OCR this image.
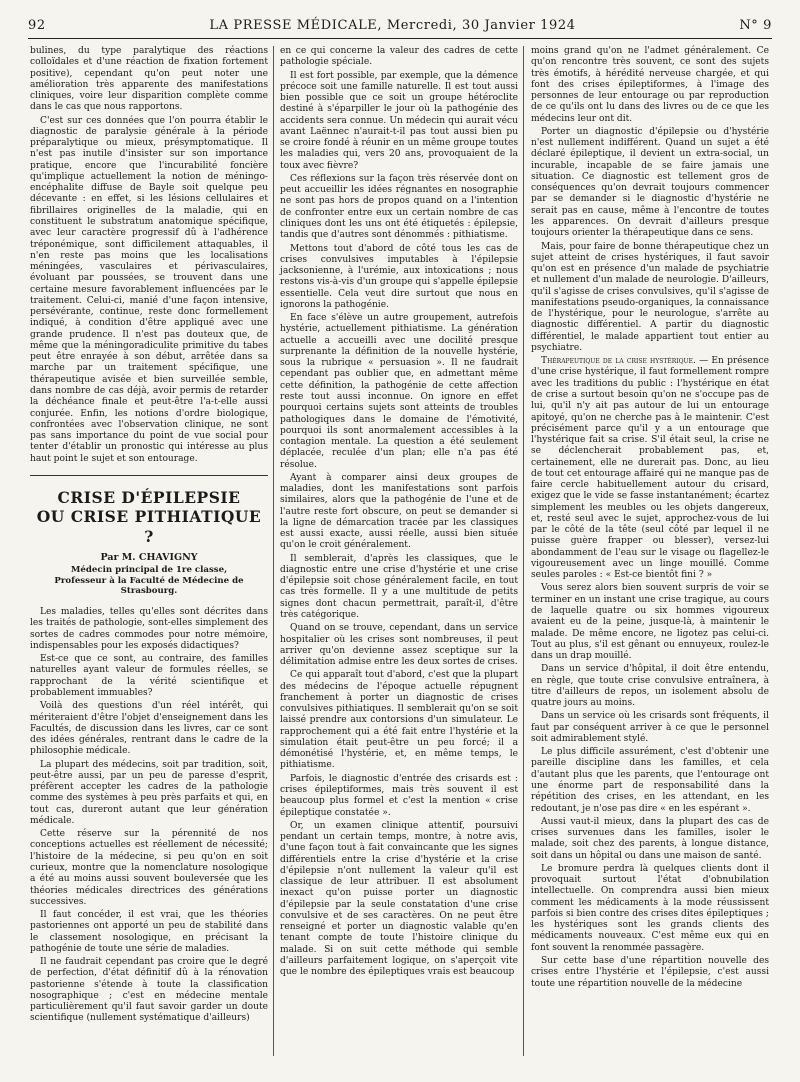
92	LA PRESSE MÉDICALE, Mercredi, 30 Janvier 1924	N° 9

bulines, du type paralytique des réactions colloïdales et d'une réaction de fixation fortement positive), cependant qu'on peut noter une amélioration très apparente des manifestations cliniques, voire leur disparition complète comme dans le cas que nous rapportons.

C'est sur ces données que l'on pourra établir le diagnostic de paralysie générale à la période préparalytique ou mieux, présymptomatique. Il n'est pas inutile d'insister sur son importance pratique, encore que l'incurabilité foncière qu'implique actuellement la notion de méningo-encéphalite diffuse de Bayle soit quelque peu décevante : en effet, si les lésions cellulaires et fibrillaires originelles de la maladie, qui en constituent le substratum anatomique spécifique, avec leur caractère progressif dû à l'adhérence tréponémique, sont difficilement attaquables, il n'en reste pas moins que les localisations méningées, vasculaires et périvasculaires, évoluant par poussées, se trouvent dans une certaine mesure favorablement influencées par le traitement. Celui-ci, manié d'une façon intensive, persévérante, continue, reste donc formellement indiqué, à condition d'être appliqué avec une grande prudence. Il n'est pas douteux que, de même que la méningoradiculite primitive du tabes peut être enrayée à son début, arrêtée dans sa marche par un traitement spécifique, une thérapeutique avisée et bien surveillée semble, dans nombre de cas déjà, avoir permis de retarder la déchéance finale et peut-être l'a-t-elle aussi conjurée. Enfin, les notions d'ordre biologique, confrontées avec l'observation clinique, ne sont pas sans importance du point de vue social pour tenter d'établir un pronostic qui intéresse au plus haut point le sujet et son entourage.

CRISE D'ÉPILEPSIE
OU CRISE PITHIATIQUE ?
Par M. CHAVIGNY
Médecin principal de 1re classe,
Professeur à la Faculté de Médecine de Strasbourg.

Les maladies, telles qu'elles sont décrites dans les traités de pathologie, sont-elles simplement des sortes de cadres commodes pour notre mémoire, indispensables pour les exposés didactiques?

Est-ce que ce sont, au contraire, des familles naturelles ayant valeur de formules réelles, se rapprochant de la vérité scientifique et probablement immuables?

Voilà des questions d'un réel intérêt, qui mériteraient d'être l'objet d'enseignement dans les Facultés, de discussion dans les livres, car ce sont des idées générales, rentrant dans le cadre de la philosophie médicale.

La plupart des médecins, soit par tradition, soit, peut-être aussi, par un peu de paresse d'esprit, préfèrent accepter les cadres de la pathologie comme des systèmes à peu près parfaits et qui, en tout cas, dureront autant que leur génération médicale.

Cette réserve sur la pérennité de nos conceptions actuelles est réellement de nécessité; l'histoire de la médecine, si peu qu'on en soit curieux, montre que la nomenclature nosologique a été au moins aussi souvent bouleversée que les théories médicales directrices des générations successives.

Il faut concéder, il est vrai, que les théories pastoriennes ont apporté un peu de stabilité dans le classement nosologique, en précisant la pathogénie de toute une série de maladies.

Il ne faudrait cependant pas croire que le degré de perfection, d'état définitif dû à la rénovation pastorienne s'étende à toute la classification nosographique ; c'est en médecine mentale particulièrement qu'il faut savoir garder un doute scientifique (nullement systématique d'ailleurs)

en ce qui concerne la valeur des cadres de cette pathologie spéciale.

Il est fort possible, par exemple, que la démence précoce soit une famille naturelle. Il est tout aussi bien possible que ce soit un groupe hétéroclite destiné à s'éparpiller le jour où la pathogénie des accidents sera connue. Un médecin qui aurait vécu avant Laënnec n'aurait-t-il pas tout aussi bien pu se croire fondé à réunir en un même groupe toutes les maladies qui, vers 20 ans, provoquaient de la toux avec fièvre?

Ces réflexions sur la façon très réservée dont on peut accueillir les idées régnantes en nosographie ne sont pas hors de propos quand on a l'intention de confronter entre eux un certain nombre de cas cliniques dont les uns ont été étiquetés : épilepsie, tandis que d'autres sont dénommés : pithiatisme.

Mettons tout d'abord de côté tous les cas de crises convulsives imputables à l'épilepsie jacksonienne, à l'urémie, aux intoxications ; nous restons vis-à-vis d'un groupe qui s'appelle épilepsie essentielle. Cela veut dire surtout que nous en ignorons la pathogénie.

En face s'élève un autre groupement, autrefois hystérie, actuellement pithiatisme. La génération actuelle a accueilli avec une docilité presque surprenante la définition de la nouvelle hystérie, sous la rubrique « persuasion ». Il ne faudrait cependant pas oublier que, en admettant même cette définition, la pathogénie de cette affection reste tout aussi inconnue. On ignore en effet pourquoi certains sujets sont atteints de troubles pathologiques dans le domaine de l'émotivité, pourquoi ils sont anormalement accessibles à la contagion mentale. La question a été seulement déplacée, reculée d'un plan; elle n'a pas été résolue.

Ayant à comparer ainsi deux groupes de maladies, dont les manifestations sont parfois similaires, alors que la pathogénie de l'une et de l'autre reste fort obscure, on peut se demander si la ligne de démarcation tracée par les classiques est aussi exacte, aussi réelle, aussi bien située qu'on le croit généralement.

Il semblerait, d'après les classiques, que le diagnostic entre une crise d'hystérie et une crise d'épilepsie soit chose généralement facile, en tout cas très formelle. Il y a une multitude de petits signes dont chacun permettrait, paraît-il, d'être très catégorique.

Quand on se trouve, cependant, dans un service hospitalier où les crises sont nombreuses, il peut arriver qu'on devienne assez sceptique sur la délimitation admise entre les deux sortes de crises.

Ce qui apparaît tout d'abord, c'est que la plupart des médecins de l'époque actuelle répugnent franchement à porter un diagnostic de crises convulsives pithiatiques. Il semblerait qu'on se soit laissé prendre aux contorsions d'un simulateur. Le rapprochement qui a été fait entre l'hystérie et la simulation était peut-être un peu forcé; il a démonétisé l'hystérie, et, en même temps, le pithiatisme.

Parfois, le diagnostic d'entrée des crisards est : crises épileptiformes, mais très souvent il est beaucoup plus formel et c'est la mention « crise épileptique constatée ».

Or, un examen clinique attentif, poursuivi pendant un certain temps, montre, à notre avis, d'une façon tout à fait convaincante que les signes différentiels entre la crise d'hystérie et la crise d'épilepsie n'ont nullement la valeur qu'il est classique de leur attribuer. Il est absolument inexact qu'on puisse porter un diagnostic d'épilepsie par la seule constatation d'une crise convulsive et de ses caractères. On ne peut être renseigné et porter un diagnostic valable qu'en tenant compte de toute l'histoire clinique du malade. Si on suit cette méthode qui semble d'ailleurs parfaitement logique, on s'aperçoit vite que le nombre des épileptiques vrais est beaucoup

moins grand qu'on ne l'admet généralement. Ce qu'on rencontre très souvent, ce sont des sujets très émotifs, à hérédité nerveuse chargée, et qui font des crises épileptiformes, à l'image des personnes de leur entourage ou par reproduction de ce qu'ils ont lu dans des livres ou de ce que les médecins leur ont dit.

Porter un diagnostic d'épilepsie ou d'hystérie n'est nullement indifférent. Quand un sujet a été déclaré épileptique, il devient un extra-social, un incurable, incapable de se faire jamais une situation. Ce diagnostic est tellement gros de conséquences qu'on devrait toujours commencer par se demander si le diagnostic d'hystérie ne serait pas en cause, même à l'encontre de toutes les apparences. On devrait d'ailleurs presque toujours orienter la thérapeutique dans ce sens.

Mais, pour faire de bonne thérapeutique chez un sujet atteint de crises hystériques, il faut savoir qu'on est en présence d'un malade de psychiatrie et nullement d'un malade de neurologie. D'ailleurs, qu'il s'agisse de crises convulsives, qu'il s'agisse de manifestations pseudo-organiques, la connaissance de l'hystérique, pour le neurologue, s'arrête au diagnostic différentiel. A partir du diagnostic différentiel, le malade appartient tout entier au psychiatre.

Thérapeutique de la crise hystérique. — En présence d'une crise hystérique, il faut formellement rompre avec les traditions du public : l'hystérique en état de crise a surtout besoin qu'on ne s'occupe pas de lui, qu'il n'y ait pas autour de lui un entourage apitoyé, qu'on ne cherche pas à le maintenir. C'est précisément parce qu'il y a un entourage que l'hystérique fait sa crise. S'il était seul, la crise ne se déclencherait probablement pas, et, certainement, elle ne durerait pas. Donc, au lieu de tout cet entourage affairé qui ne manque pas de faire cercle habituellement autour du crisard, exigez que le vide se fasse instantanément; écartez simplement les meubles ou les objets dangereux, et, resté seul avec le sujet, approchez-vous de lui par le côté de la tête (seul côté par lequel il ne puisse guère frapper ou blesser), versez-lui abondamment de l'eau sur le visage ou flagellez-le vigoureusement avec un linge mouillé. Comme seules paroles : « Est-ce bientôt fini ? »

Vous serez alors bien souvent surpris de voir se terminer en un instant une crise tragique, au cours de laquelle quatre ou six hommes vigoureux avaient eu de la peine, jusque-là, à maintenir le malade. De même encore, ne ligotez pas celui-ci. Tout au plus, s'il est gênant ou ennuyeux, roulez-le dans un drap mouillé.

Dans un service d'hôpital, il doit être entendu, en règle, que toute crise convulsive entraînera, à titre d'ailleurs de repos, un isolement absolu de quatre jours au moins.

Dans un service où les crisards sont fréquents, il faut par conséquent arriver à ce que le personnel soit admirablement stylé.

Le plus difficile assurément, c'est d'obtenir une pareille discipline dans les familles, et cela d'autant plus que les parents, que l'entourage ont une énorme part de responsabilité dans la répétition des crises, en les attendant, en les redoutant, je n'ose pas dire « en les espérant ».

Aussi vaut-il mieux, dans la plupart des cas de crises survenues dans les familles, isoler le malade, soit chez des parents, à longue distance, soit dans un hôpital ou dans une maison de santé.

Le bromure perdra là quelques clients dont il provoquait surtout l'état d'obnubilation intellectuelle. On comprendra aussi bien mieux comment les médicaments à la mode réussissent parfois si bien contre des crises dites épileptiques ; les hystériques sont les grands clients des médicaments nouveaux. C'est même eux qui en font souvent la renommée passagère.

Sur cette base d'une répartition nouvelle des crises entre l'hystérie et l'épilepsie, c'est aussi toute une répartition nouvelle de la médecine
